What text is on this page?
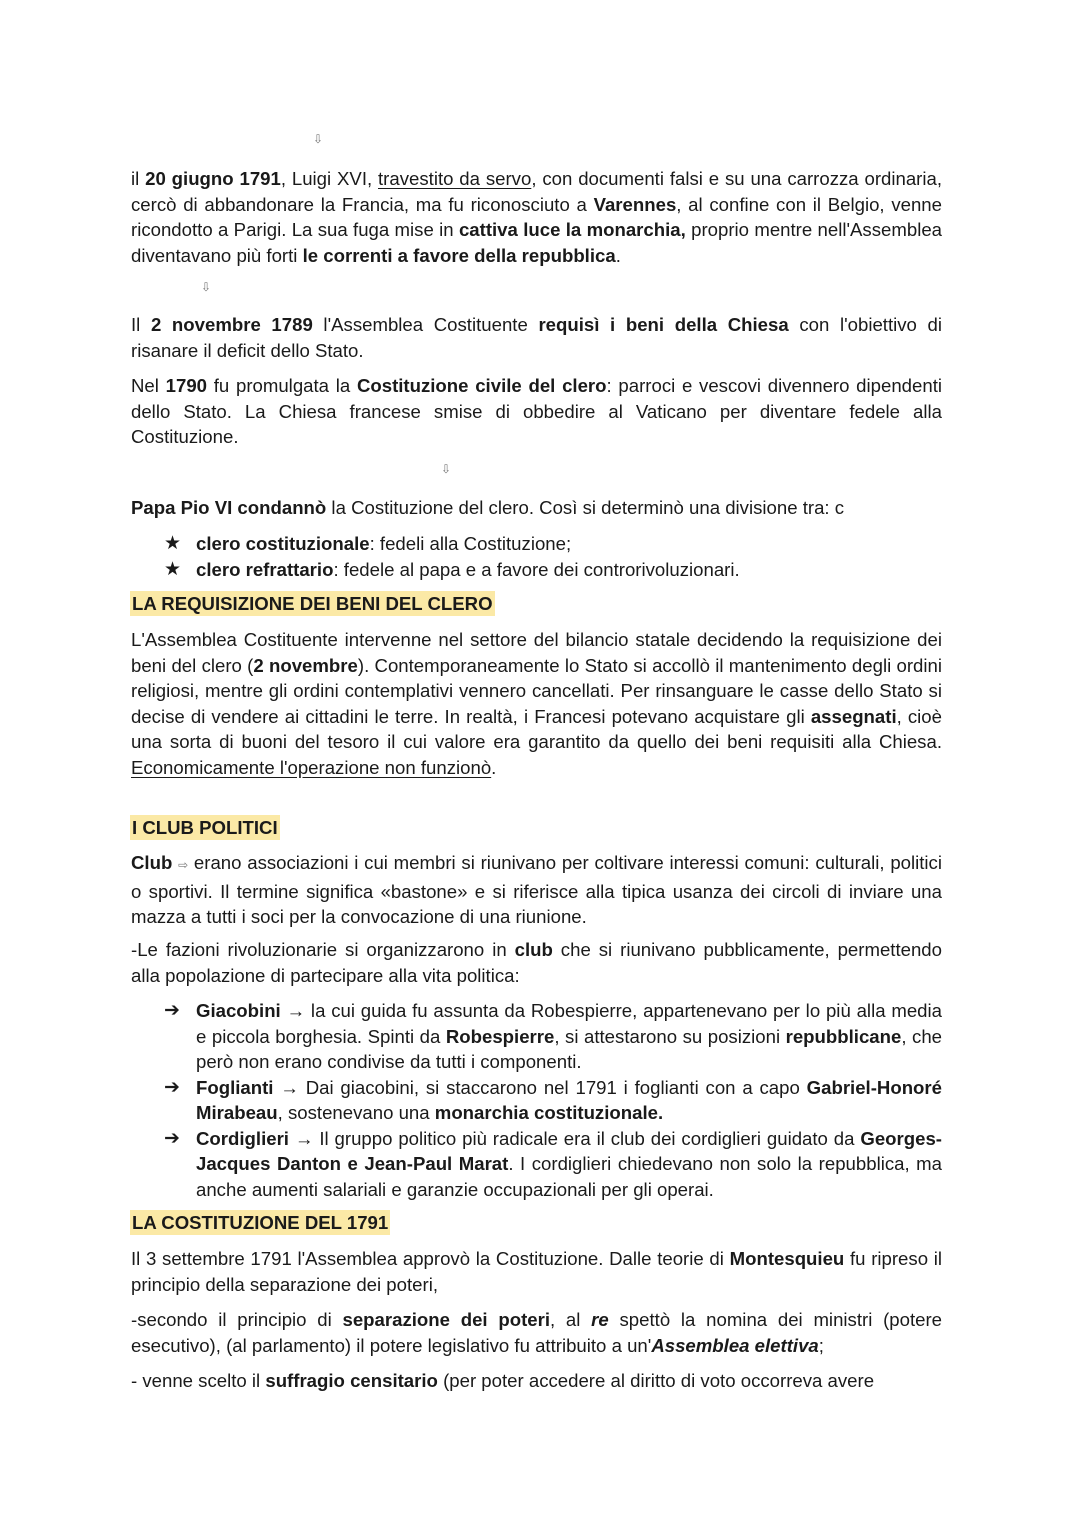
⇩

il 20 giugno 1791, Luigi XVI, travestito da servo, con documenti falsi e su una carrozza ordinaria, cercò di abbandonare la Francia, ma fu riconosciuto a Varennes, al confine con il Belgio, venne ricondotto a Parigi. La sua fuga mise in cattiva luce la monarchia, proprio mentre nell'Assemblea diventavano più forti le correnti a favore della repubblica.

⇩

Il 2 novembre 1789 l'Assemblea Costituente requisì i beni della Chiesa con l'obiettivo di risanare il deficit dello Stato.

Nel 1790 fu promulgata la Costituzione civile del clero: parroci e vescovi divennero dipendenti dello Stato. La Chiesa francese smise di obbedire al Vaticano per diventare fedele alla Costituzione.

⇩

Papa Pio VI condannò la Costituzione del clero. Così si determinò una divisione tra: c

★ clero costituzionale: fedeli alla Costituzione;

★ clero refrattario: fedele al papa e a favore dei controrivoluzionari.

LA REQUISIZIONE DEI BENI DEL CLERO

L'Assemblea Costituente intervenne nel settore del bilancio statale decidendo la requisizione dei beni del clero (2 novembre). Contemporaneamente lo Stato si accollò il mantenimento degli ordini religiosi, mentre gli ordini contemplativi vennero cancellati. Per rinsanguare le casse dello Stato si decise di vendere ai cittadini le terre. In realtà, i Francesi potevano acquistare gli assegnati, cioè una sorta di buoni del tesoro il cui valore era garantito da quello dei beni requisiti alla Chiesa. Economicamente l'operazione non funzionò.

I CLUB POLITICI

Club ⇨ erano associazioni i cui membri si riunivano per coltivare interessi comuni: culturali, politici o sportivi. Il termine significa «bastone» e si riferisce alla tipica usanza dei circoli di inviare una mazza a tutti i soci per la convocazione di una riunione.

-Le fazioni rivoluzionarie si organizzarono in club che si riunivano pubblicamente, permettendo alla popolazione di partecipare alla vita politica:

➔ Giacobini → la cui guida fu assunta da Robespierre, appartenevano per lo più alla media e piccola borghesia. Spinti da Robespierre, si attestarono su posizioni repubblicane, che però non erano condivise da tutti i componenti.

➔ Foglianti → Dai giacobini, si staccarono nel 1791 i foglianti con a capo Gabriel-Honoré Mirabeau, sostenevano una monarchia costituzionale.

➔ Cordiglieri → Il gruppo politico più radicale era il club dei cordiglieri guidato da Georges-Jacques Danton e Jean-Paul Marat. I cordiglieri chiedevano non solo la repubblica, ma anche aumenti salariali e garanzie occupazionali per gli operai.

LA COSTITUZIONE DEL 1791

Il 3 settembre 1791 l'Assemblea approvò la Costituzione. Dalle teorie di Montesquieu fu ripreso il principio della separazione dei poteri,

-secondo il principio di separazione dei poteri, al re spettò la nomina dei ministri (potere esecutivo), (al parlamento) il potere legislativo fu attribuito a un'Assemblea elettiva;

- venne scelto il suffragio censitario (per poter accedere al diritto di voto occorreva avere
